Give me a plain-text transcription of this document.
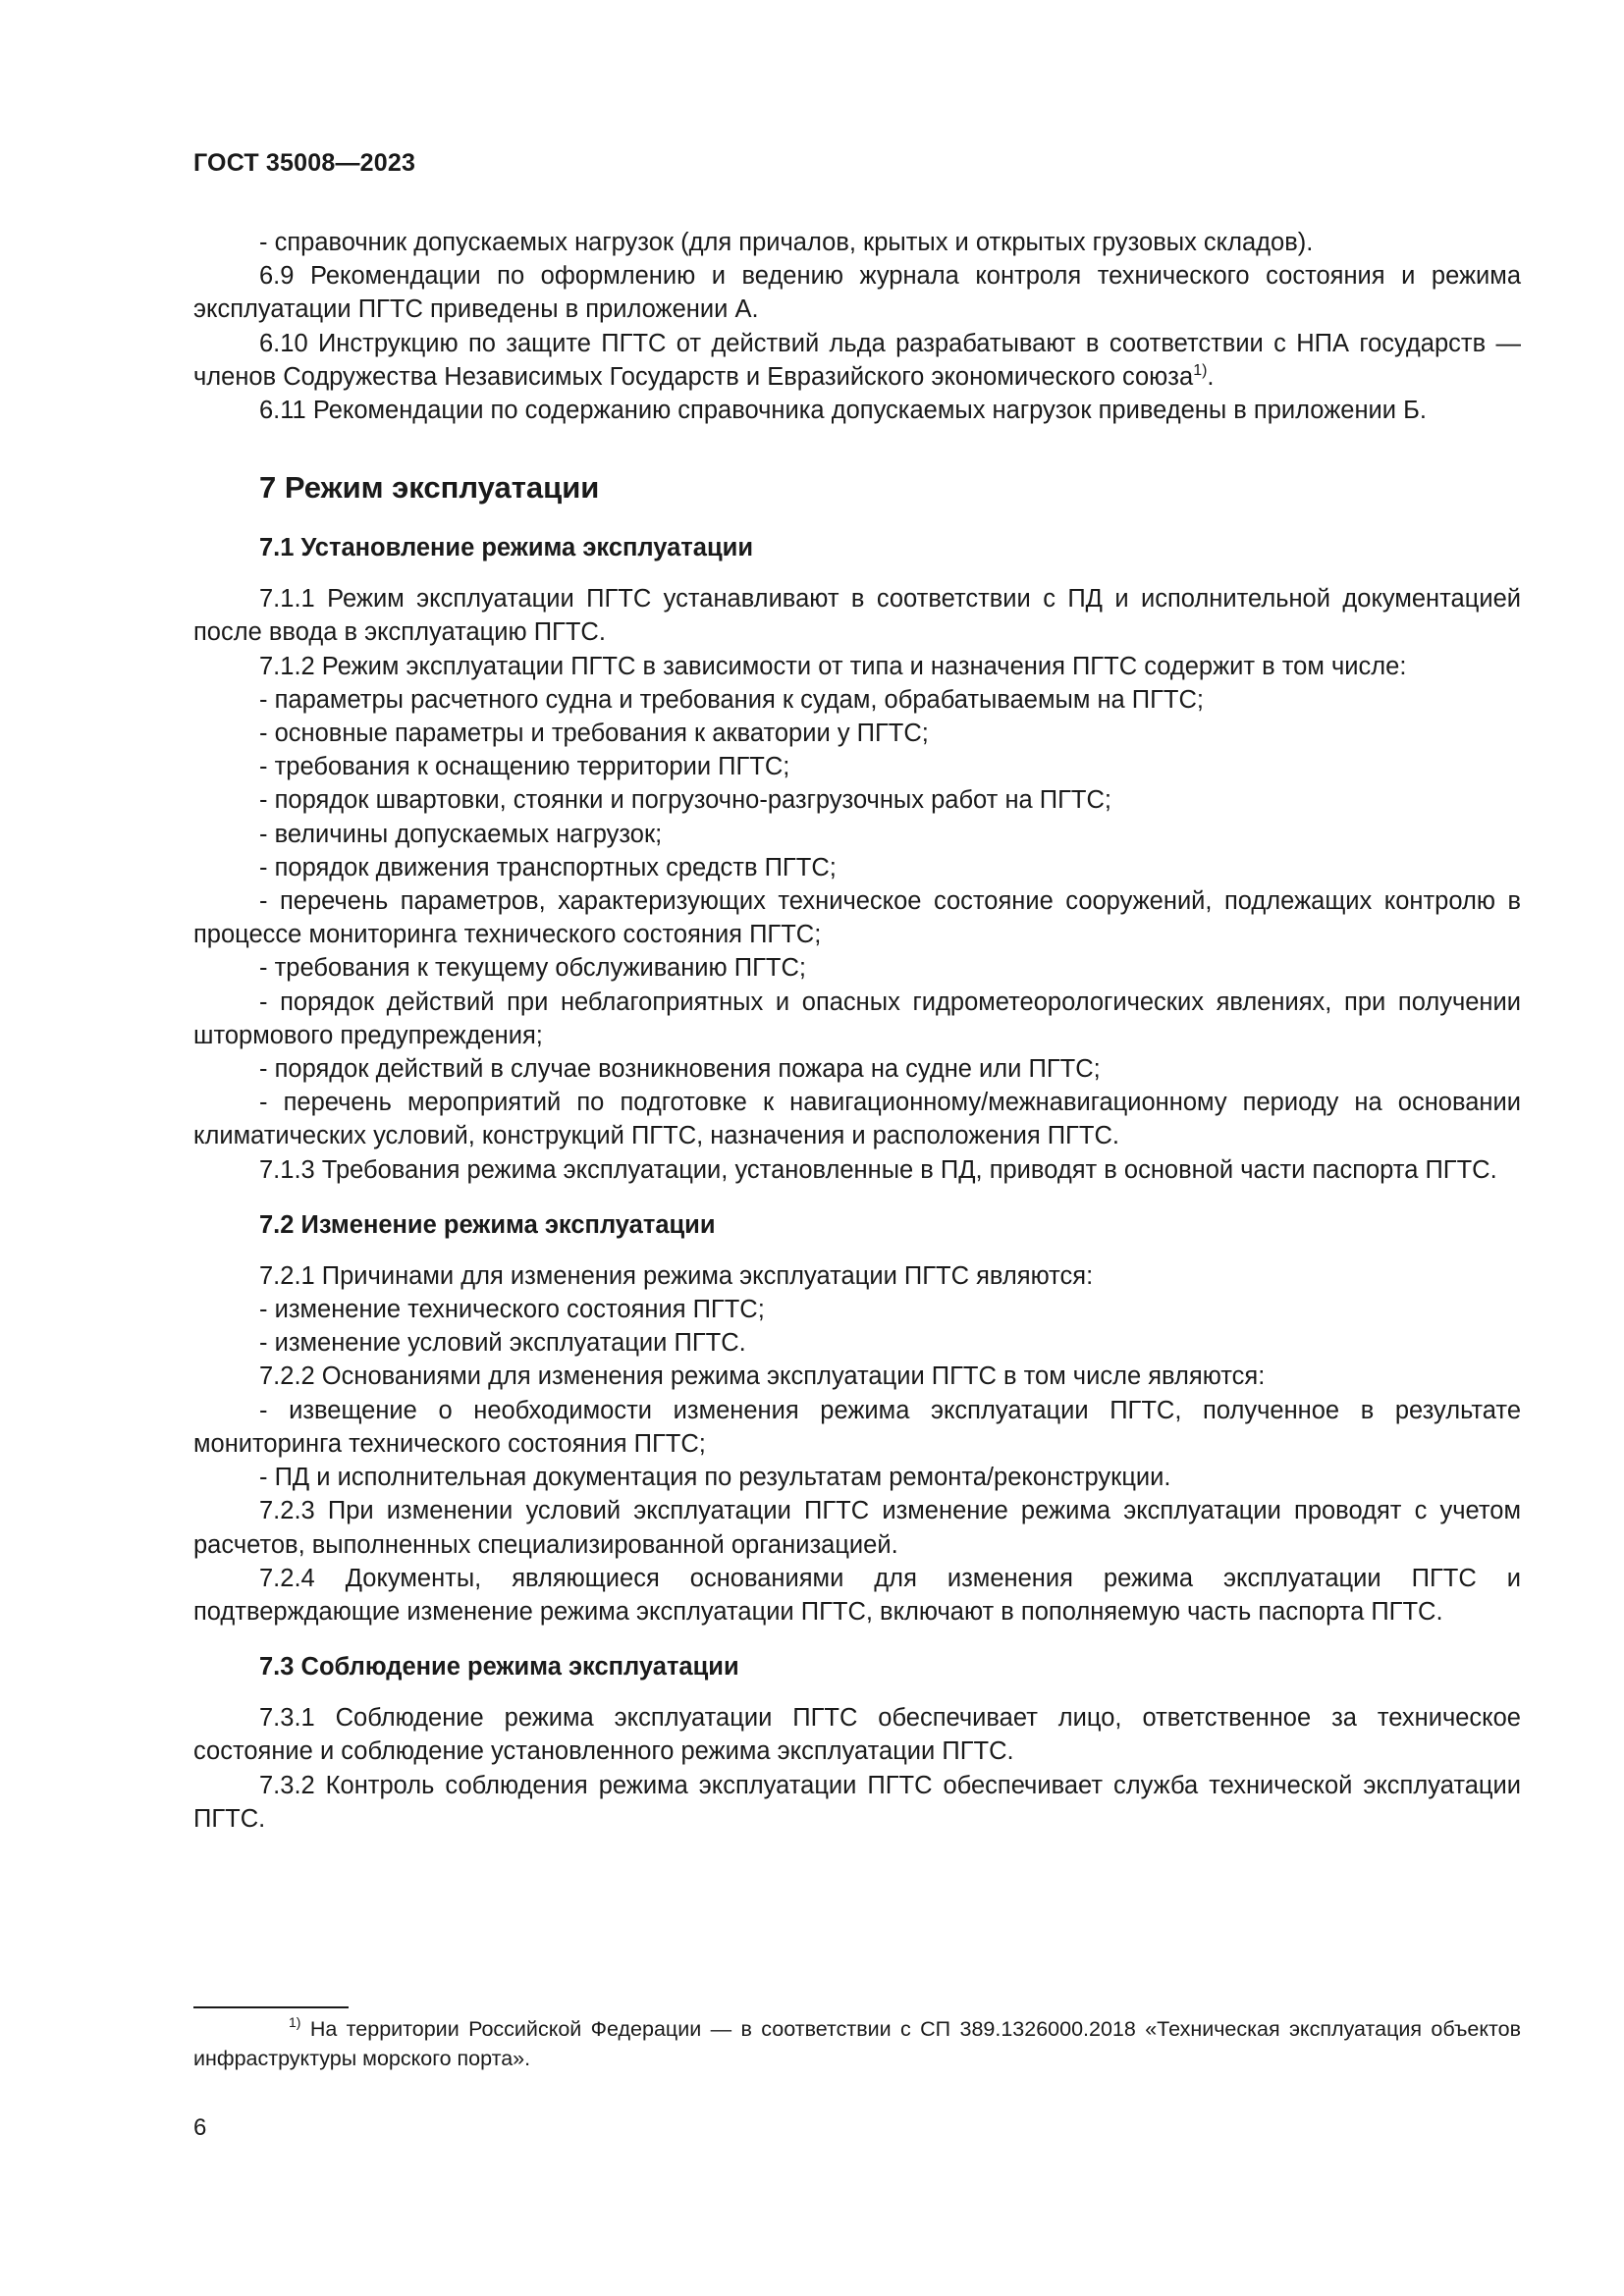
ГОСТ 35008—2023

- справочник допускаемых нагрузок (для причалов, крытых и открытых грузовых складов).

6.9 Рекомендации по оформлению и ведению журнала контроля технического состояния и режима эксплуатации ПГТС приведены в приложении А.

6.10 Инструкцию по защите ПГТС от действий льда разрабатывают в соответствии с НПА государств — членов Содружества Независимых Государств и Евразийского экономического союза$^{1)}$.

6.11 Рекомендации по содержанию справочника допускаемых нагрузок приведены в приложении Б.

7 Режим эксплуатации
7.1 Установление режима эксплуатации

7.1.1 Режим эксплуатации ПГТС устанавливают в соответствии с ПД и исполнительной документацией после ввода в эксплуатацию ПГТС.

7.1.2 Режим эксплуатации ПГТС в зависимости от типа и назначения ПГТС содержит в том числе:

- параметры расчетного судна и требования к судам, обрабатываемым на ПГТС;

- основные параметры и требования к акватории у ПГТС;

- требования к оснащению территории ПГТС;

- порядок швартовки, стоянки и погрузочно-разгрузочных работ на ПГТС;

- величины допускаемых нагрузок;

- порядок движения транспортных средств ПГТС;

- перечень параметров, характеризующих техническое состояние сооружений, подлежащих контролю в процессе мониторинга технического состояния ПГТС;

- требования к текущему обслуживанию ПГТС;

- порядок действий при неблагоприятных и опасных гидрометеорологических явлениях, при получении штормового предупреждения;

- порядок действий в случае возникновения пожара на судне или ПГТС;

- перечень мероприятий по подготовке к навигационному/межнавигационному периоду на основании климатических условий, конструкций ПГТС, назначения и расположения ПГТС.

7.1.3 Требования режима эксплуатации, установленные в ПД, приводят в основной части паспорта ПГТС.

7.2 Изменение режима эксплуатации

7.2.1 Причинами для изменения режима эксплуатации ПГТС являются:

- изменение технического состояния ПГТС;

- изменение условий эксплуатации ПГТС.

7.2.2 Основаниями для изменения режима эксплуатации ПГТС в том числе являются:

- извещение о необходимости изменения режима эксплуатации ПГТС, полученное в результате мониторинга технического состояния ПГТС;

- ПД и исполнительная документация по результатам ремонта/реконструкции.

7.2.3 При изменении условий эксплуатации ПГТС изменение режима эксплуатации проводят с учетом расчетов, выполненных специализированной организацией.

7.2.4 Документы, являющиеся основаниями для изменения режима эксплуатации ПГТС и подтверждающие изменение режима эксплуатации ПГТС, включают в пополняемую часть паспорта ПГТС.

7.3 Соблюдение режима эксплуатации

7.3.1 Соблюдение режима эксплуатации ПГТС обеспечивает лицо, ответственное за техническое состояние и соблюдение установленного режима эксплуатации ПГТС.

7.3.2 Контроль соблюдения режима эксплуатации ПГТС обеспечивает служба технической эксплуатации ПГТС.

$^{1)}$ На территории Российской Федерации — в соответствии с СП 389.1326000.2018 «Техническая эксплуатация объектов инфраструктуры морского порта».
6
